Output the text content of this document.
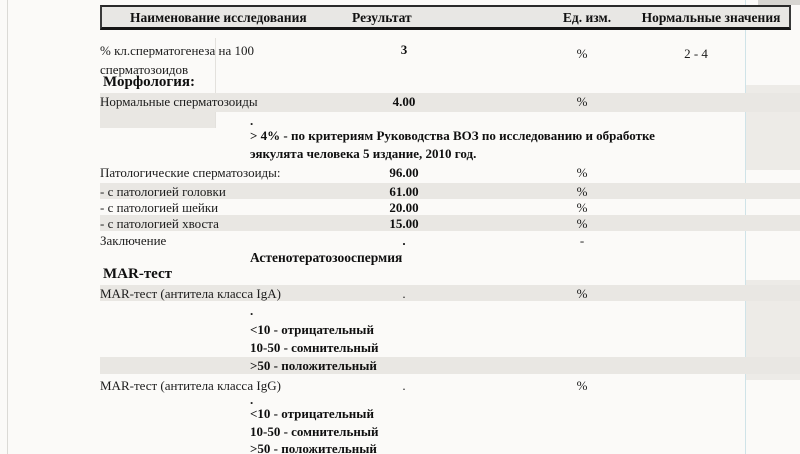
Наименование исследования	Результат	Ед. изм.	Нормальные значения
% кл.сперматогенеза на 100 сперматозоидов
3	%	2 - 4
Морфология:
Нормальные сперматозоиды	4.00	%
.
> 4% - по критериям Руководства ВОЗ по исследованию и обработке
эякулята человека 5 издание, 2010 год.
Патологические сперматозоиды:	96.00	%
- с патологией головки	61.00	%
- с патологией шейки	20.00	%
- с патологией хвоста	15.00	%
Заключение	.	-
Астенотератозооспермия
MAR-тест
MAR-тест (антитела класса IgA)	.	%
.
<10 - отрицательный
10-50 - сомнительный
>50 - положительный
MAR-тест (антитела класса IgG)	.	%
.
<10 - отрицательный
10-50 - сомнительный
>50 - положительный
